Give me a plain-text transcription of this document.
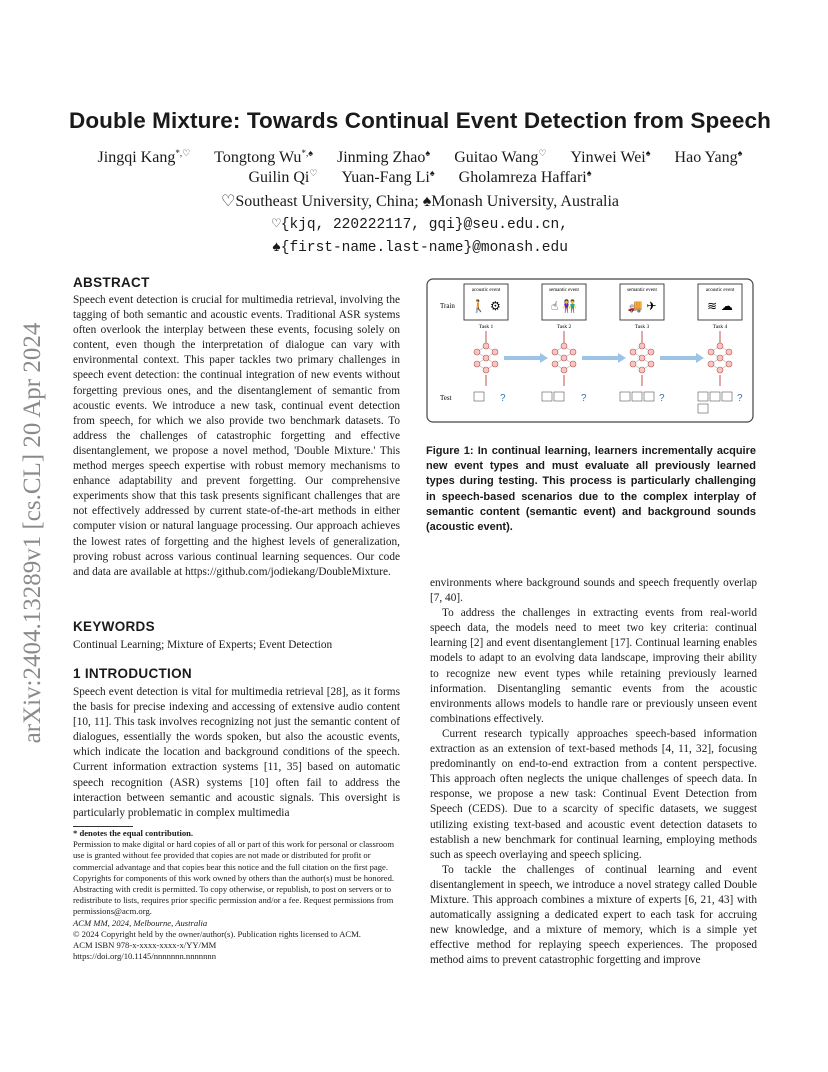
arXiv:2404.13289v1 [cs.CL] 20 Apr 2024
Double Mixture: Towards Continual Event Detection from Speech
Jingqi Kang*,♡ Tongtong Wu*,♠ Jinming Zhao♠ Guitao Wang♡ Yinwei Wei♠ Hao Yang♠
Guilin Qi♡ Yuan-Fang Li♠ Gholamreza Haffari♠
♡Southeast University, China; ♠Monash University, Australia
♡{kjq, 220222117, gqi}@seu.edu.cn,
♠{first-name.last-name}@monash.edu
ABSTRACT

Speech event detection is crucial for multimedia retrieval, involving the tagging of both semantic and acoustic events. Traditional ASR systems often overlook the interplay between these events, focusing solely on content, even though the interpretation of dialogue can vary with environmental context. This paper tackles two primary challenges in speech event detection: the continual integration of new events without forgetting previous ones, and the disentanglement of semantic from acoustic events. We introduce a new task, continual event detection from speech, for which we also provide two benchmark datasets. To address the challenges of catastrophic forgetting and effective disentanglement, we propose a novel method, 'Double Mixture.' This method merges speech expertise with robust memory mechanisms to enhance adaptability and prevent forgetting. Our comprehensive experiments show that this task presents significant challenges that are not effectively addressed by current state-of-the-art methods in either computer vision or natural language processing. Our approach achieves the lowest rates of forgetting and the highest levels of generalization, proving robust across various continual learning sequences. Our code and data are available at https://github.com/jodiekang/DoubleMixture.

KEYWORDS

Continual Learning; Mixture of Experts; Event Detection

1 INTRODUCTION

Speech event detection is vital for multimedia retrieval [28], as it forms the basis for precise indexing and accessing of extensive audio content [10, 11]. This task involves recognizing not just the semantic content of dialogues, essentially the words spoken, but also the acoustic events, which indicate the location and background conditions of the speech. Current information extraction systems [11, 35] based on automatic speech recognition (ASR) systems [10] often fail to address the interaction between semantic and acoustic signals. This oversight is particularly problematic in complex multimedia

* denotes the equal contribution.
Permission to make digital or hard copies of all or part of this work for personal or classroom use is granted without fee provided that copies are not made or distributed for profit or commercial advantage and that copies bear this notice and the full citation on the first page. Copyrights for components of this work owned by others than the author(s) must be honored. Abstracting with credit is permitted. To copy otherwise, or republish, to post on servers or to redistribute to lists, requires prior specific permission and/or a fee. Request permissions from permissions@acm.org.
ACM MM, 2024, Melbourne, Australia
© 2024 Copyright held by the owner/author(s). Publication rights licensed to ACM.
ACM ISBN 978-x-xxxx-xxxx-x/YY/MM
https://doi.org/10.1145/nnnnnnn.nnnnnnn
Train
Test
acoustic event
🚶 ⚙
semantic event
☝ 👫
semantic event
🚚 ✈
acoustic event
≋ ☁
Task 1	Task 2	Task 3	Task 4
?	?	?	?
Figure 1: In continual learning, learners incrementally acquire new event types and must evaluate all previously learned types during testing. This process is particularly challenging in speech-based scenarios due to the complex interplay of semantic content (semantic event) and background sounds (acoustic event).

environments where background sounds and speech frequently overlap [7, 40].

To address the challenges in extracting events from real-world speech data, the models need to meet two key criteria: continual learning [2] and event disentanglement [17]. Continual learning enables models to adapt to an evolving data landscape, improving their ability to recognize new event types while retaining previously learned information. Disentangling semantic events from the acoustic environments allows models to handle rare or previously unseen event combinations effectively.

Current research typically approaches speech-based information extraction as an extension of text-based methods [4, 11, 32], focusing predominantly on end-to-end extraction from a content perspective. This approach often neglects the unique challenges of speech data. In response, we propose a new task: Continual Event Detection from Speech (CEDS). Due to a scarcity of specific datasets, we suggest utilizing existing text-based and acoustic event detection datasets to establish a new benchmark for continual learning, employing methods such as speech overlaying and speech splicing.

To tackle the challenges of continual learning and event disentanglement in speech, we introduce a novel strategy called Double Mixture. This approach combines a mixture of experts [6, 21, 43] with automatically assigning a dedicated expert to each task for accruing new knowledge, and a mixture of memory, which is a simple yet effective method for replaying speech experiences. The proposed method aims to prevent catastrophic forgetting and improve
